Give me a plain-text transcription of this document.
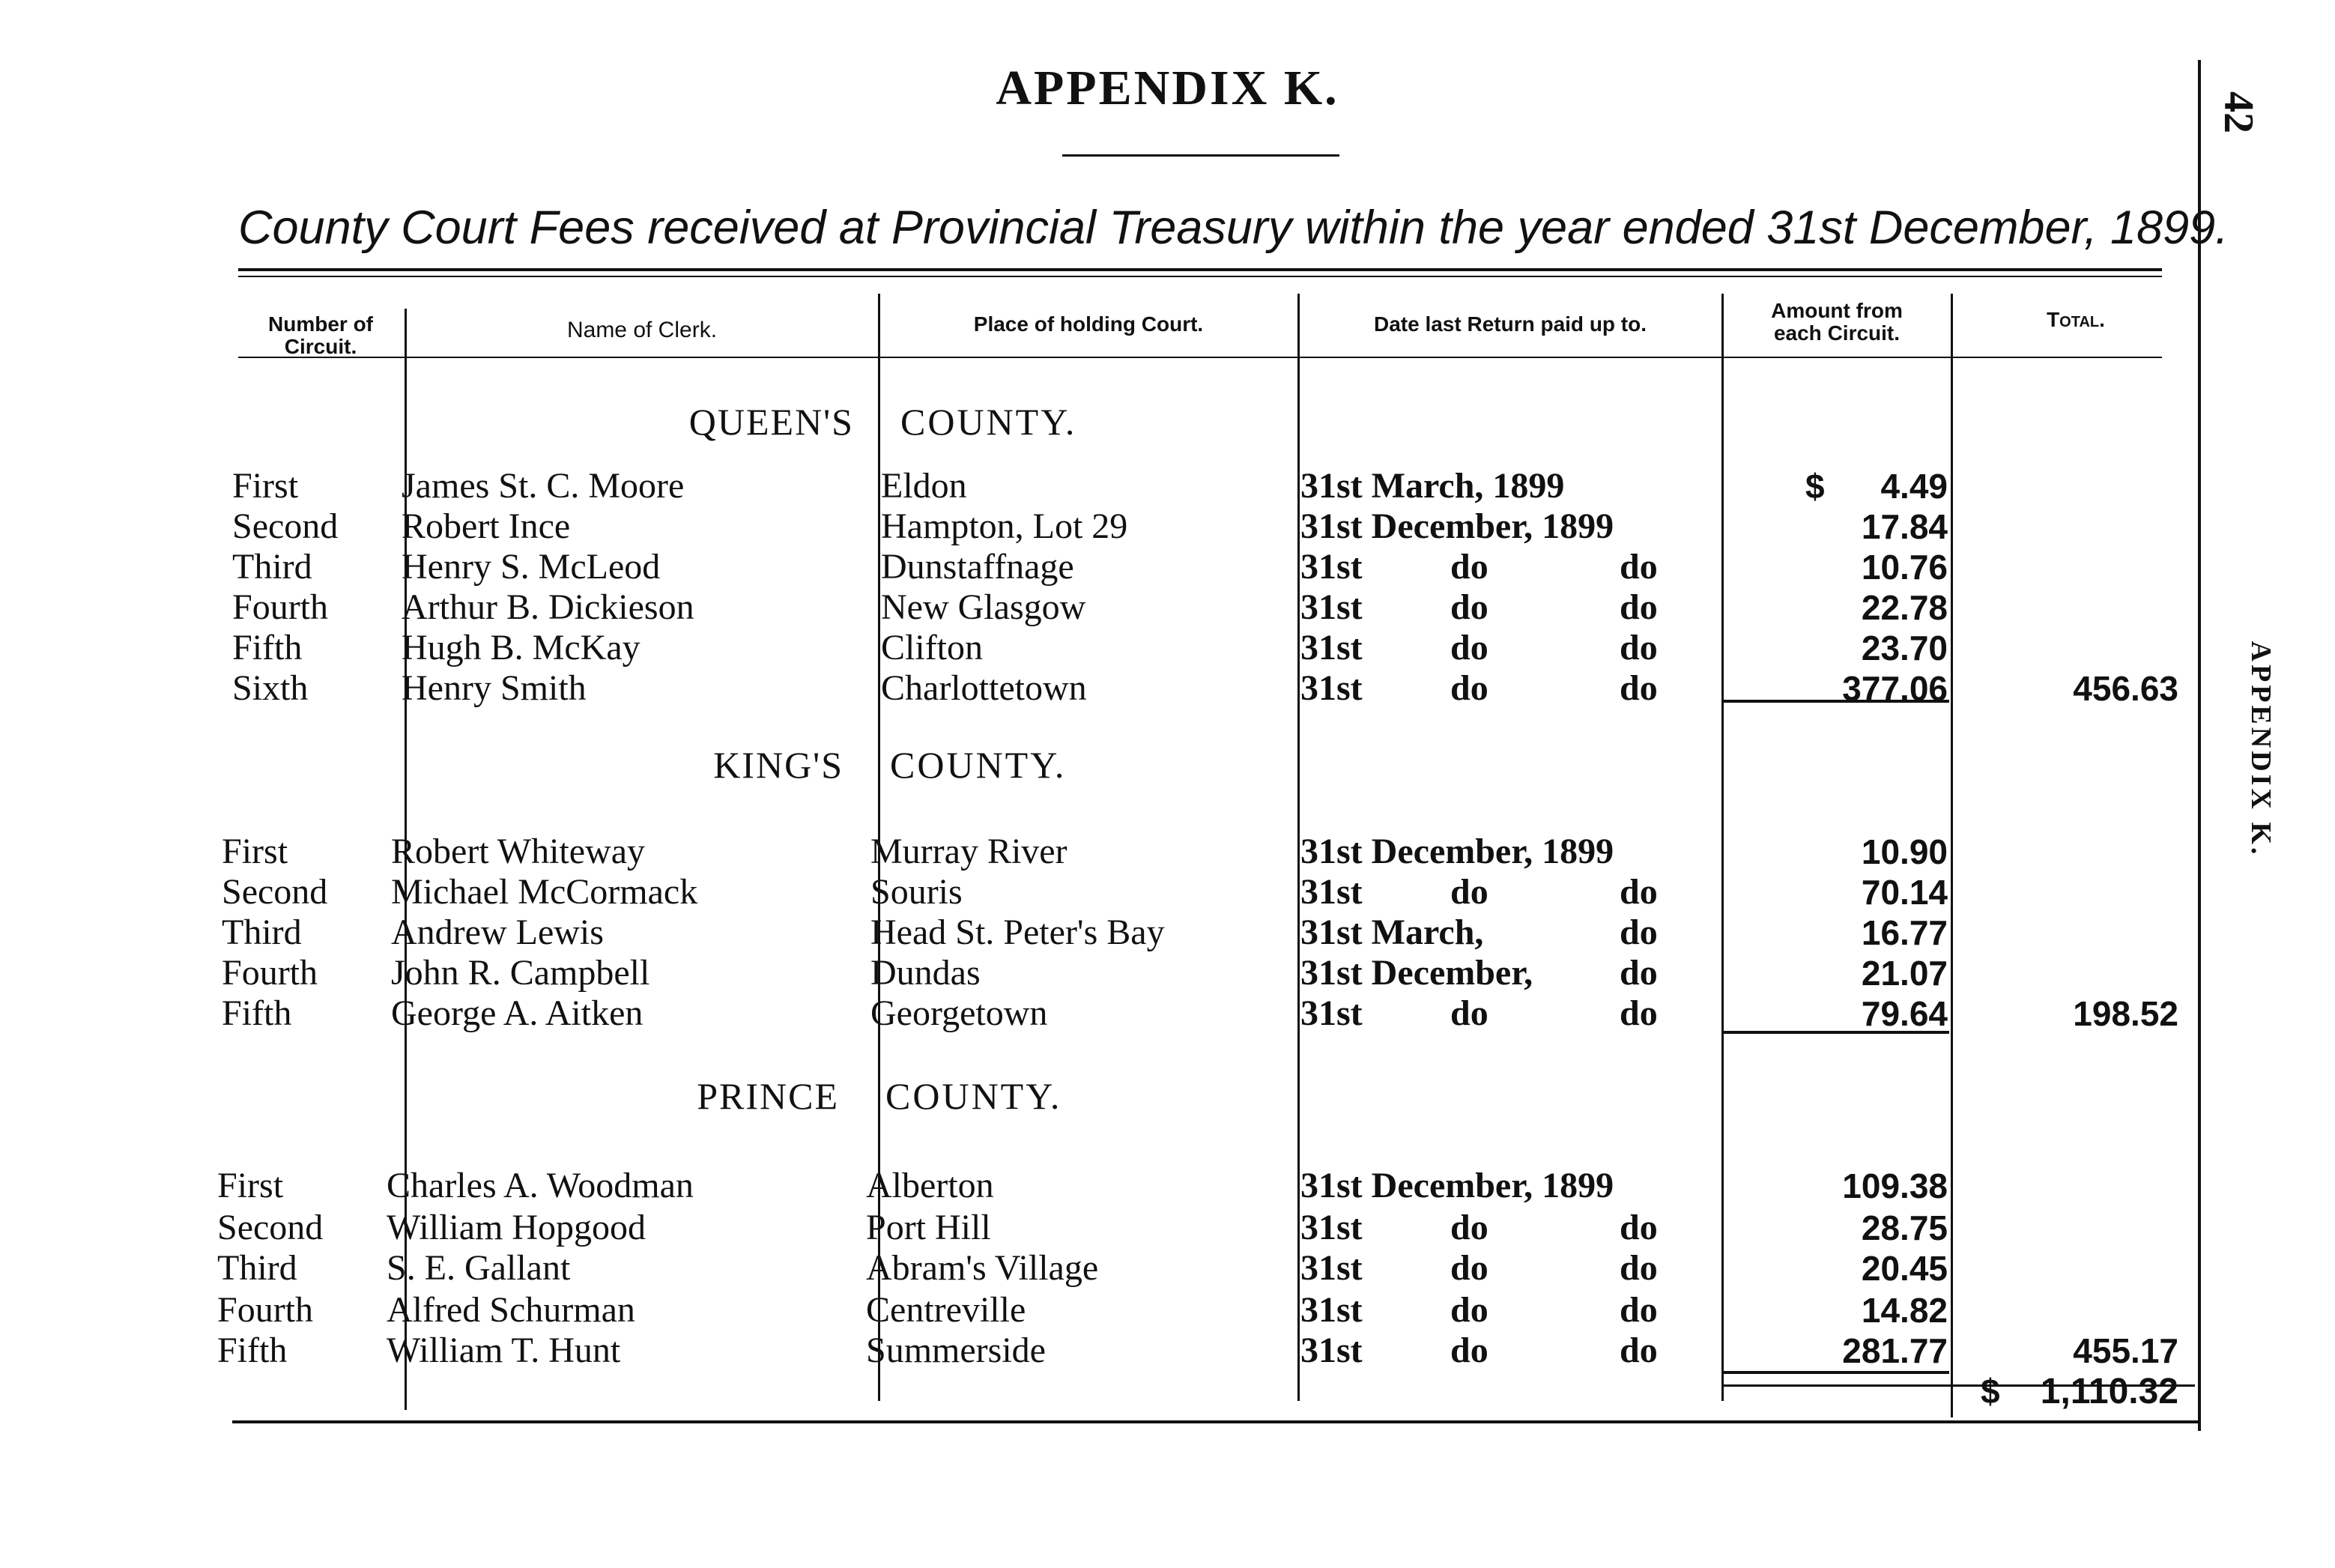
APPENDIX K.
County Court Fees received at Provincial Treasury within the year ended 31st December, 1899.
42
APPENDIX K.
Number of
Circuit.
Name of Clerk.	Place of holding Court.	Date last Return paid up to.
Amount from
each Circuit.
Total.
QUEEN'S COUNTY.
First	James St. C. Moore	Eldon	31st March, 1899	$	4.49
Second Robert Ince	Hampton, Lot 29	31st December, 1899	17.84
Third Henry S. McLeod	Dunstaffnage	31st do	do	10.76
Fourth Arthur B. Dickieson	New Glasgow	31st do	do	22.78
Fifth	Hugh B. McKay	Clifton	31st do	do	23.70
Sixth	Henry Smith	Charlottetown	31st do	do	377.06	456.63
KING'S COUNTY.
First	Robert Whiteway	Murray River	31st December, 1899	10.90
Second Michael McCormack	Souris	31st do	do	70.14
Third Andrew Lewis	Head St. Peter's Bay	31st March,	do	16.77
Fourth John R. Campbell	Dundas	31st December, do	21.07
Fifth	George A. Aitken	Georgetown	31st do	do	79.64	198.52
PRINCE COUNTY.
First	Charles A. Woodman	Alberton	31st December, 1899	109.38
Second William Hopgood	Port Hill	31st do	do	28.75
Third S. E. Gallant	Abram's Village	31st do	do	20.45
Fourth Alfred Schurman	Centreville	31st do	do	14.82
Fifth	William T. Hunt	Summerside	31st do	do	281.77	455.17
$	1,110.32
